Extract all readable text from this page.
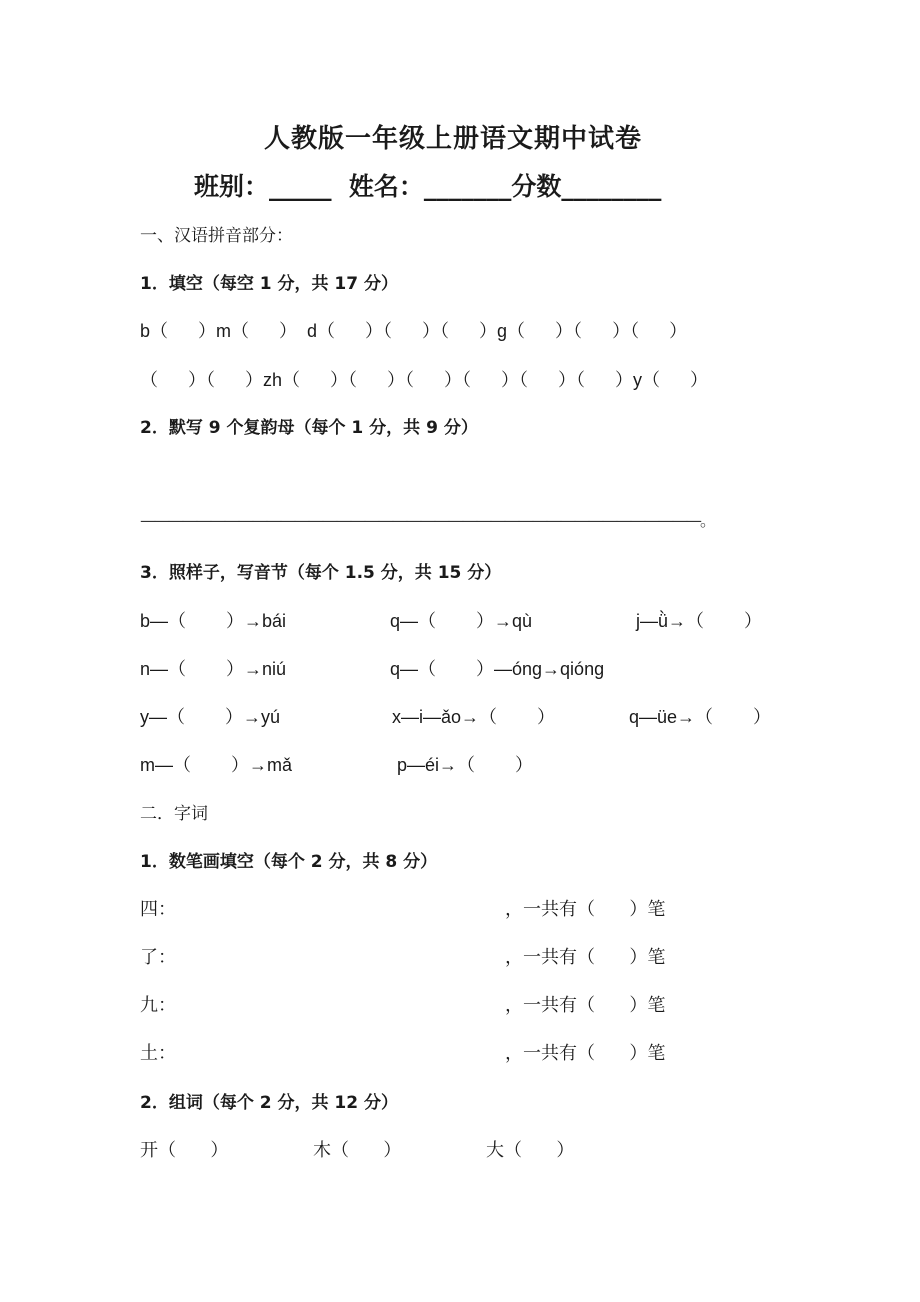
人教版一年级上册语文期中试卷
班别：_____  姓名：_______分数________
一、汉语拼音部分：
1．填空（每空 1 分，共 17 分）
b（      ）m（      ）  d（      ）（      ）（      ）g（      ）（      ）（      ）
（      ）（      ）zh（      ）（      ）（      ）（      ）（      ）（      ）y（      ）
2．默写 9 个复韵母（每个 1 分，共 9 分）
————————————————————————————————————————。
3．照样子，写音节（每个 1.5 分，共 15 分）
b—（        ）→bái	q—（        ）→qù	j—ǜ→（        ）
n—（        ）→niú	q—（        ）—óng→qióng
y—（        ）→yú	x—i—ǎo→（        ）	q—üe→（        ）
m—（        ）→mǎ	p—éi→（        ）
二．字词
1．数笔画填空（每个 2 分，共 8 分）
四：	，一共有（      ）笔
了：	，一共有（      ）笔
九：	，一共有（      ）笔
土：	，一共有（      ）笔
2．组词（每个 2 分，共 12 分）
开（      ）	木（      ）	大（      ）
